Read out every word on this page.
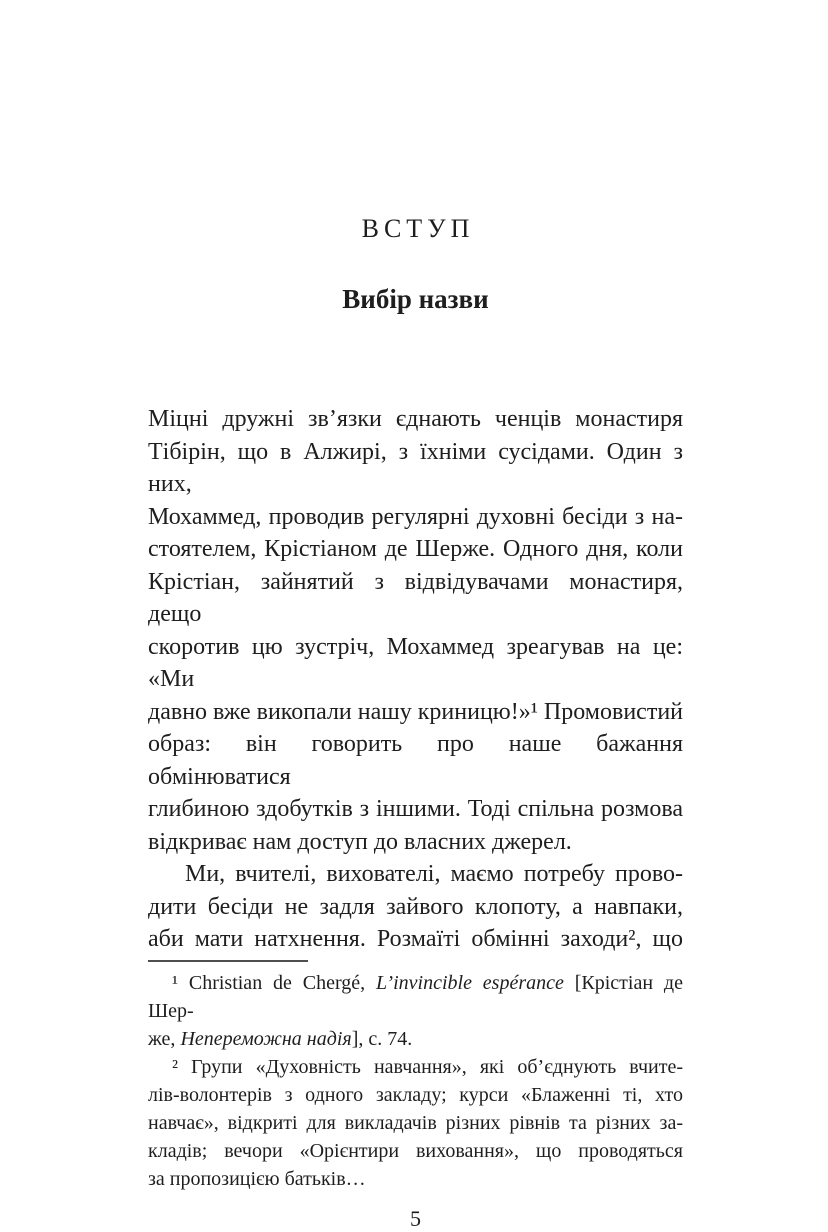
ВСТУП
Вибір назви
Міцні дружні зв’язки єднають ченців монастиря
Тібірін, що в Алжирі, з їхніми сусідами. Один з них,
Мохаммед, проводив регулярні духовні бесіди з на-
стоятелем, Крістіаном де Шерже. Одного дня, коли
Крістіан, зайнятий з відвідувачами монастиря, дещо
скоротив цю зустріч, Мохаммед зреагував на це: «Ми
давно вже викопали нашу криницю!»¹ Промовистий
образ: він говорить про наше бажання обмінюватися
глибиною здобутків з іншими. Тоді спільна розмова
відкриває нам доступ до власних джерел.
Ми, вчителі, вихователі, маємо потребу прово-
дити бесіди не задля зайвого клопоту, а навпаки,
аби мати натхнення. Розмаїті обмінні заходи², що
¹ Christian de Chergé, L’invincible espérance [Крістіан де Шер-
же, Непереможна надія], с. 74.
² Групи «Духовність навчання», які об’єднують вчите-
лів-волонтерів з одного закладу; курси «Блаженні ті, хто
навчає», відкриті для викладачів різних рівнів та різних за-
кладів; вечори «Орієнтири виховання», що проводяться
за пропозицією батьків…
5
